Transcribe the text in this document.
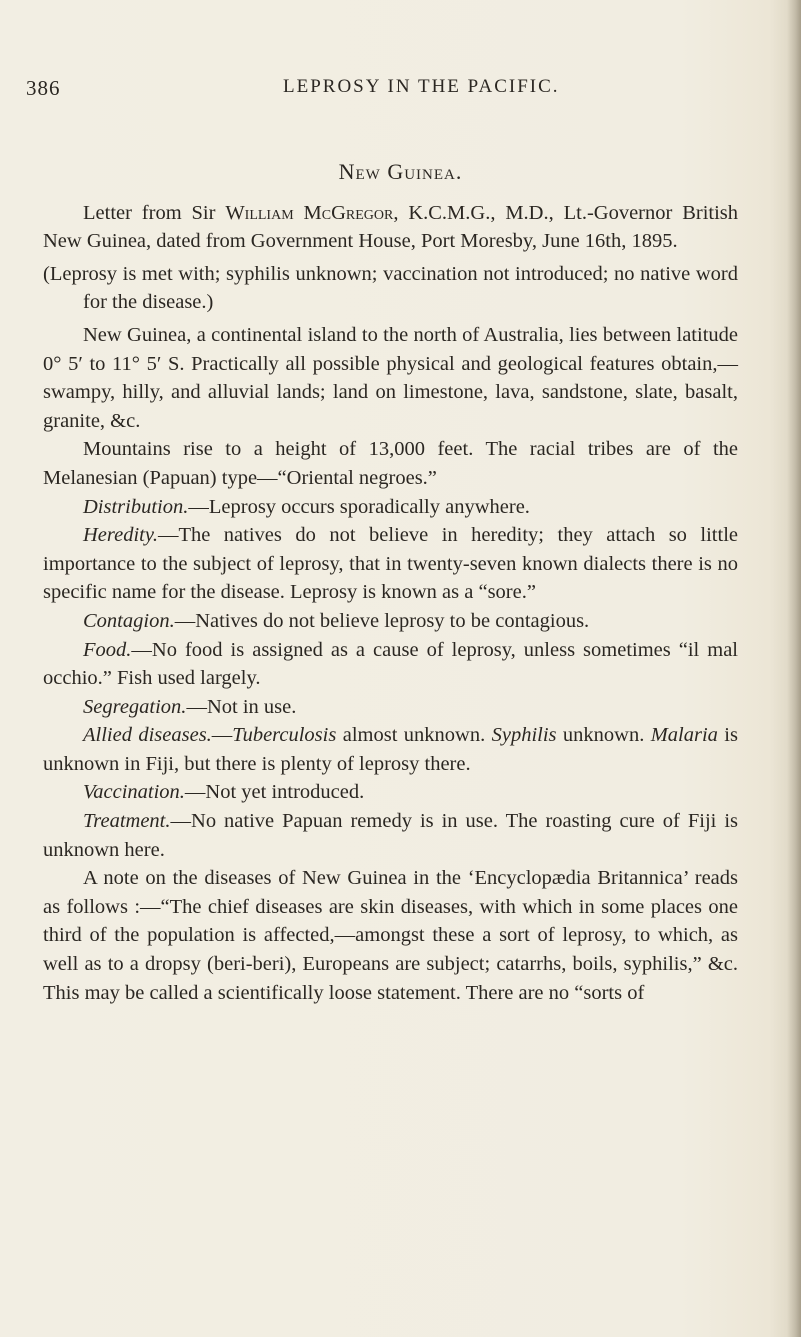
386	LEPROSY IN THE PACIFIC.

New Guinea.

Letter from Sir William McGregor, K.C.M.G., M.D., Lt.-Governor British New Guinea, dated from Government House, Port Moresby, June 16th, 1895.

(Leprosy is met with; syphilis unknown; vaccination not introduced; no native word for the disease.)

New Guinea, a continental island to the north of Australia, lies between latitude 0° 5′ to 11° 5′ S. Practically all possible physical and geological features obtain,—swampy, hilly, and alluvial lands; land on limestone, lava, sandstone, slate, basalt, granite, &c.

Mountains rise to a height of 13,000 feet. The racial tribes are of the Melanesian (Papuan) type—“Oriental negroes.”

Distribution.—Leprosy occurs sporadically anywhere.

Heredity.—The natives do not believe in heredity; they attach so little importance to the subject of leprosy, that in twenty-seven known dialects there is no specific name for the disease. Leprosy is known as a “sore.”

Contagion.—Natives do not believe leprosy to be contagious.

Food.—No food is assigned as a cause of leprosy, unless sometimes “il mal occhio.” Fish used largely.

Segregation.—Not in use.

Allied diseases.—Tuberculosis almost unknown. Syphilis unknown. Malaria is unknown in Fiji, but there is plenty of leprosy there.

Vaccination.—Not yet introduced.

Treatment.—No native Papuan remedy is in use. The roasting cure of Fiji is unknown here.

A note on the diseases of New Guinea in the ‘Encyclopædia Britannica’ reads as follows :—“The chief diseases are skin diseases, with which in some places one third of the population is affected,—amongst these a sort of leprosy, to which, as well as to a dropsy (beri-beri), Europeans are subject; catarrhs, boils, syphilis,” &c. This may be called a scientifically loose statement. There are no “sorts of
